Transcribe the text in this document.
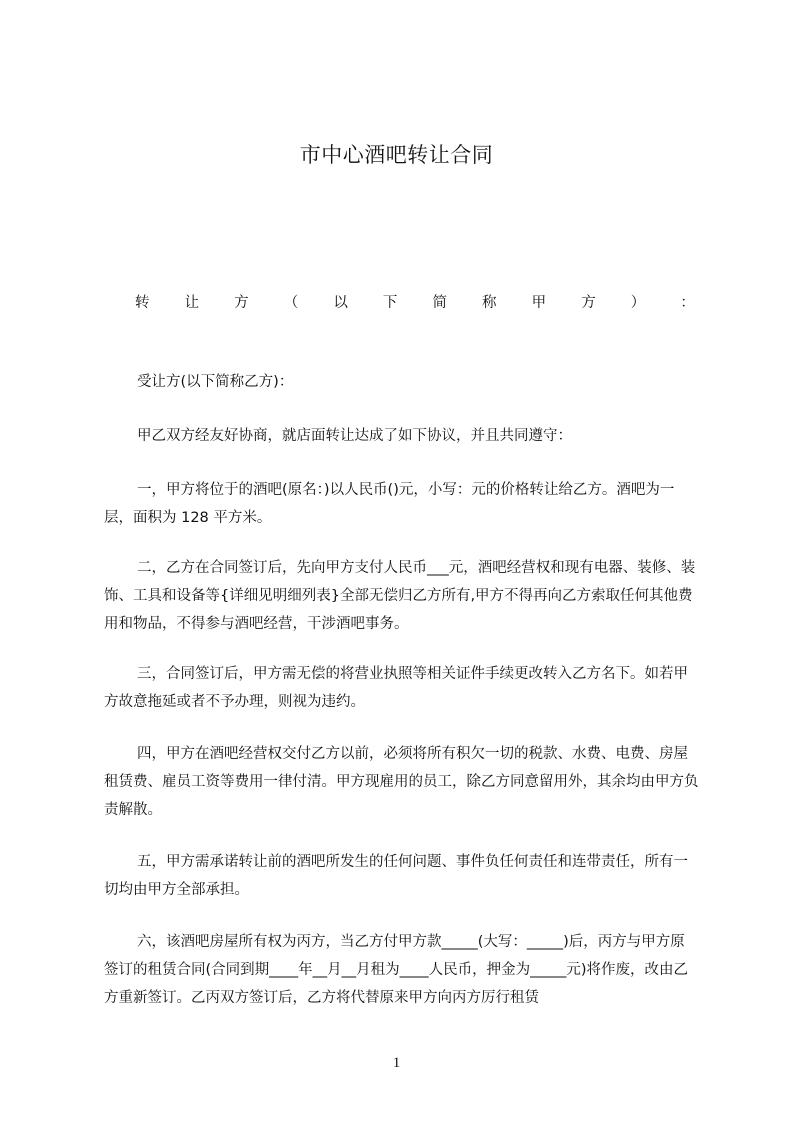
市中心酒吧转让合同
转 让 方 （ 以 下 简 称 甲 方 ） ：

受让方(以下简称乙方)：

甲乙双方经友好协商，就店面转让达成了如下协议，并且共同遵守：

一，甲方将位于的酒吧(原名：)以人民币()元，小写：元的价格转让给乙方。酒吧为一层，面积为 128 平方米。

二，乙方在合同签订后，先向甲方支付人民币___元，酒吧经营权和现有电器、装修、装饰、工具和设备等{详细见明细列表}全部无偿归乙方所有,甲方不得再向乙方索取任何其他费用和物品，不得参与酒吧经营，干涉酒吧事务。

三，合同签订后，甲方需无偿的将营业执照等相关证件手续更改转入乙方名下。如若甲方故意拖延或者不予办理，则视为违约。

四，甲方在酒吧经营权交付乙方以前，必须将所有积欠一切的税款、水费、电费、房屋租赁费、雇员工资等费用一律付清。甲方现雇用的员工，除乙方同意留用外，其余均由甲方负责解散。

五，甲方需承诺转让前的酒吧所发生的任何问题、事件负任何责任和连带责任，所有一切均由甲方全部承担。

六，该酒吧房屋所有权为丙方，当乙方付甲方款_____(大写：_____)后，丙方与甲方原签订的租赁合同(合同到期____年__月__月租为____人民币，押金为_____元)将作废，改由乙方重新签订。乙丙双方签订后，乙方将代替原来甲方向丙方厉行租赁

1
